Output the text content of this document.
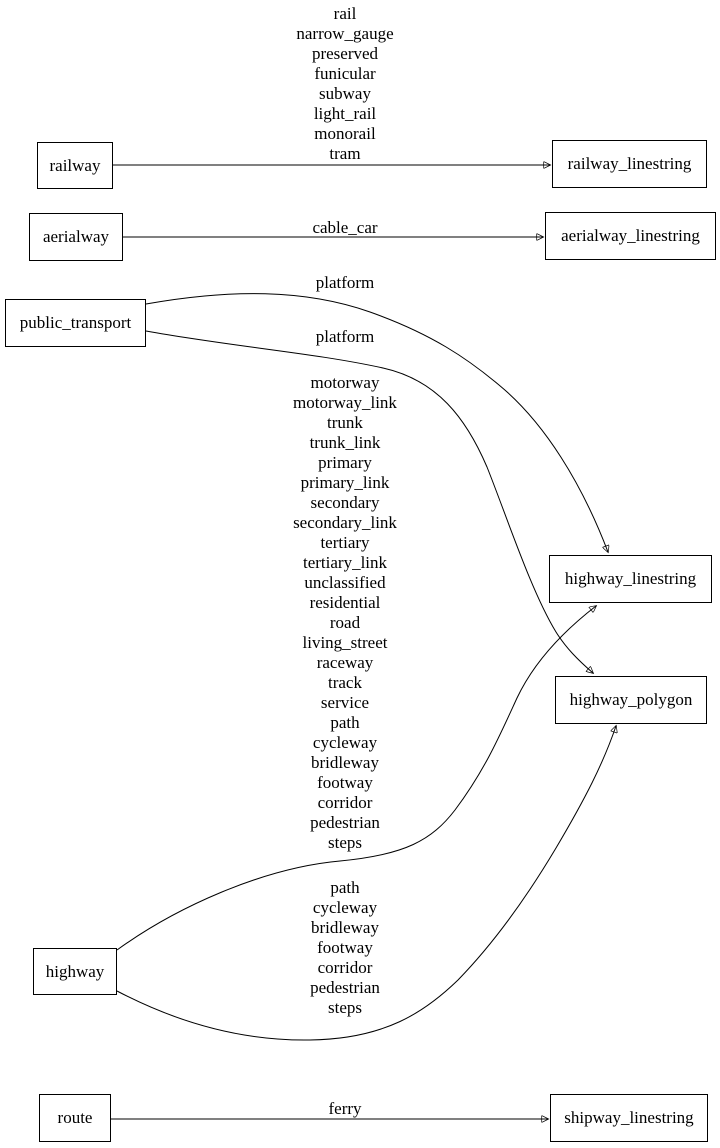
railway	railway_linestring
aerialway	aerialway_linestring
public_transport
highway_linestring
highway_polygon
highway
route	shipway_linestring
rail
narrow_gauge
preserved
funicular
subway
light_rail
monorail
tram
cable_car
platform
platform
motorway
motorway_link
trunk
trunk_link
primary
primary_link
secondary
secondary_link
tertiary
tertiary_link
unclassified
residential
road
living_street
raceway
track
service
path
cycleway
bridleway
footway
corridor
pedestrian
steps
path
cycleway
bridleway
footway
corridor
pedestrian
steps
ferry
